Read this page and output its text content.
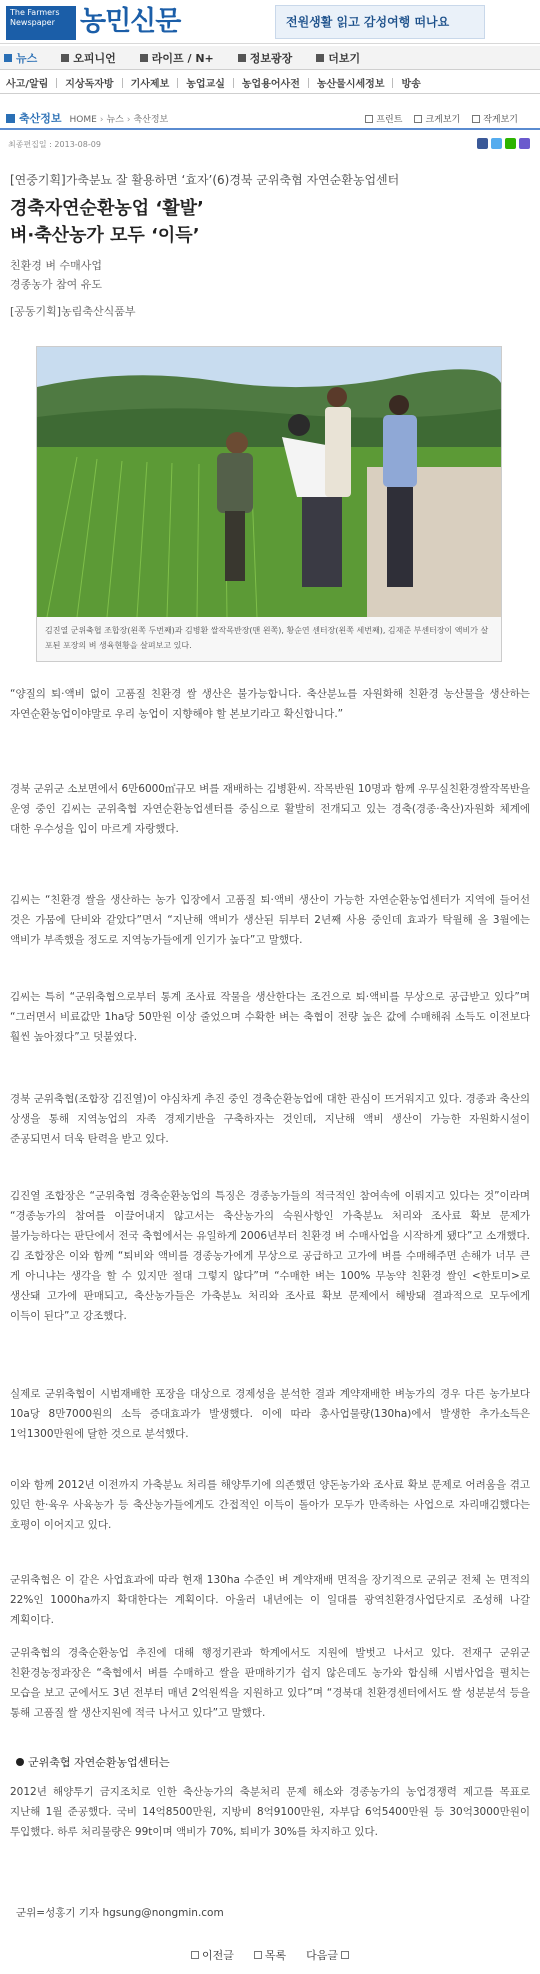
The Farmers Newspaper 농민신문	전원생활 읽고 감성여행 떠나요
뉴스	오피니언	라이프 / N+	정보광장	더보기
사고/알림 지상독자방 기사제보 농업교실 농업용어사전 농산물시세정보 방송
축산정보 HOME › 뉴스 › 축산정보	프린트	크게보기	작게보기
최종편집일 : 2013-08-09
[연중기획]가축분뇨 잘 활용하면 ‘효자’(6)경북 군위축협 자연순환농업센터
경축자연순환농업 ‘활발’
벼·축산농가 모두 ‘이득’
친환경 벼 수매사업
경종농가 참여 유도
[공동기획]농림축산식품부
김진열 군위축협 조합장(왼쪽 두번째)과 김병환 쌀작목반장(맨 왼쪽), 황순연 센터장(왼쪽 세번째), 김재준 부센터장이 액비가 살포된 포장의 벼 생육현황을 살펴보고 있다.

“양질의 퇴·액비 없이 고품질 친환경 쌀 생산은 불가능합니다. 축산분뇨를 자원화해 친환경 농산물을 생산하는 자연순환농업이야말로 우리 농업이 지향해야 할 본보기라고 확신합니다.”

경북 군위군 소보면에서 6만6000㎡규모 벼를 재배하는 김병환씨. 작목반원 10명과 함께 우무실친환경쌀작목반을 운영 중인 김씨는 군위축협 자연순환농업센터를 중심으로 활발히 전개되고 있는 경축(경종·축산)자원화 체계에 대한 우수성을 입이 마르게 자랑했다.

김씨는 “친환경 쌀을 생산하는 농가 입장에서 고품질 퇴·액비 생산이 가능한 자연순환농업센터가 지역에 들어선 것은 가뭄에 단비와 같았다”면서 “지난해 액비가 생산된 뒤부터 2년째 사용 중인데 효과가 탁월해 올 3월에는 액비가 부족했을 정도로 지역농가들에게 인기가 높다”고 말했다.

김씨는 특히 “군위축협으로부터 통계 조사료 작물을 생산한다는 조건으로 퇴·액비를 무상으로 공급받고 있다”며 “그러면서 비료값만 1ha당 50만원 이상 줄었으며 수확한 벼는 축협이 전량 높은 값에 수매해줘 소득도 이전보다 훨씬 높아졌다”고 덧붙였다.

경북 군위축협(조합장 김진열)이 야심차게 추진 중인 경축순환농업에 대한 관심이 뜨거워지고 있다. 경종과 축산의 상생을 통해 지역농업의 자족 경제기반을 구축하자는 것인데, 지난해 액비 생산이 가능한 자원화시설이 준공되면서 더욱 탄력을 받고 있다.

김진열 조합장은 “군위축협 경축순환농업의 특징은 경종농가들의 적극적인 참여속에 이뤄지고 있다는 것”이라며 “경종농가의 참여를 이끌어내지 않고서는 축산농가의 숙원사항인 가축분뇨 처리와 조사료 확보 문제가 불가능하다는 판단에서 전국 축협에서는 유일하게 2006년부터 친환경 벼 수매사업을 시작하게 됐다”고 소개했다. 김 조합장은 이와 함께 “퇴비와 액비를 경종농가에게 무상으로 공급하고 고가에 벼를 수매해주면 손해가 너무 큰 게 아니냐는 생각을 할 수 있지만 절대 그렇지 않다”며 “수매한 벼는 100% 무농약 친환경 쌀인 <한토미>로 생산돼 고가에 판매되고, 축산농가들은 가축분뇨 처리와 조사료 확보 문제에서 해방돼 결과적으로 모두에게 이득이 된다”고 강조했다.

실제로 군위축협이 시범재배한 포장을 대상으로 경제성을 분석한 결과 계약재배한 벼농가의 경우 다른 농가보다 10a당 8만7000원의 소득 증대효과가 발생했다. 이에 따라 총사업물량(130ha)에서 발생한 추가소득은 1억1300만원에 달한 것으로 분석했다.

이와 함께 2012년 이전까지 가축분뇨 처리를 해양투기에 의존했던 양돈농가와 조사료 확보 문제로 어려움을 겪고 있던 한·육우 사육농가 등 축산농가들에게도 간접적인 이득이 돌아가 모두가 만족하는 사업으로 자리매김했다는 호평이 이어지고 있다.

군위축협은 이 같은 사업효과에 따라 현재 130ha 수준인 벼 계약재배 면적을 장기적으로 군위군 전체 논 면적의 22%인 1000ha까지 확대한다는 계획이다. 아울러 내년에는 이 일대를 광역친환경사업단지로 조성해 나갈 계획이다.

군위축협의 경축순환농업 추진에 대해 행정기관과 학계에서도 지원에 발벗고 나서고 있다. 전재구 군위군 친환경농정과장은 “축협에서 벼를 수매하고 쌀을 판매하기가 쉽지 않은데도 농가와 합심해 시범사업을 펼치는 모습을 보고 군에서도 3년 전부터 매년 2억원씩을 지원하고 있다”며 “경북대 친환경센터에서도 쌀 성분분석 등을 통해 고품질 쌀 생산지원에 적극 나서고 있다”고 말했다.

군위축협 자연순환농업센터는

2012년 해양투기 금지조치로 인한 축산농가의 축분처리 문제 해소와 경종농가의 농업경쟁력 제고를 목표로 지난해 1월 준공했다. 국비 14억8500만원, 지방비 8억9100만원, 자부담 6억5400만원 등 30억3000만원이 투입했다. 하루 처리물량은 99t이며 액비가 70%, 퇴비가 30%를 차지하고 있다.

군위=성홍기 기자 hgsung@nongmin.com
이전글	목록 다음글
